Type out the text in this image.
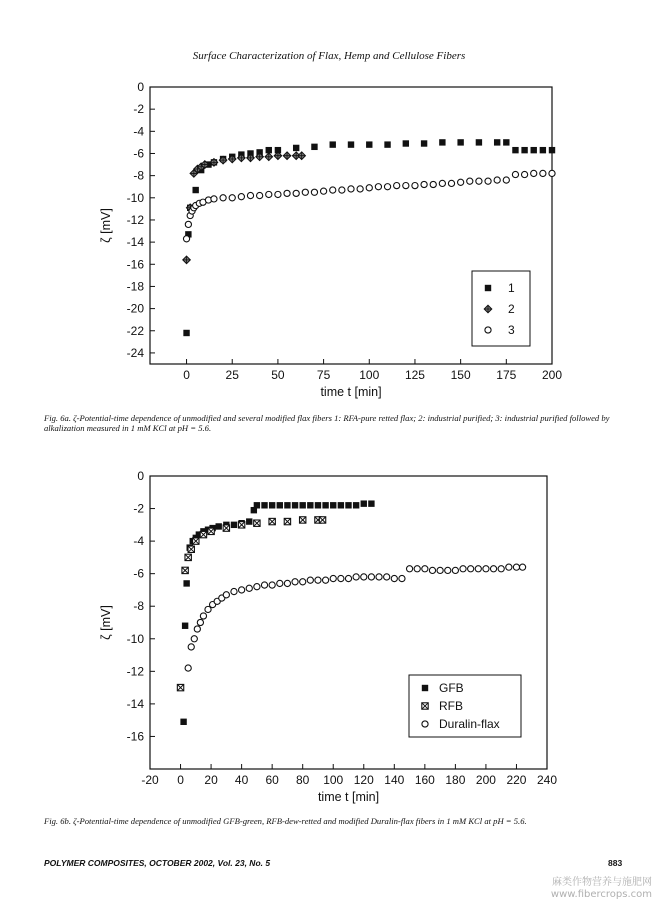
Surface Characterization of Flax, Hemp and Cellulose Fibers
0	25	50	75 100 125 150 175 200
0
-2
-4
-6
-8
-10
-12
-14
-16
-18
-20
-22
-24
time t [min]
ζ [mV]
1
2
3
Fig. 6a. ζ-Potential-time dependence of unmodified and several modified flax fibers 1: RFA-pure retted flax; 2: industrial purified; 3: industrial purified followed by alkalization measured in 1 mM KCl at pH = 5.6.
-20 0 20 40 60 80 100 120 140 160 180 200 220 240
0
-2
-4
-6
-8
-10
-12
-14
-16
time t [min]
ζ [mV]
GFB
RFB
Duralin-flax
Fig. 6b. ζ-Potential-time dependence of unmodified GFB-green, RFB-dew-retted and modified Duralin-flax fibers in 1 mM KCl at pH = 5.6.
POLYMER COMPOSITES, OCTOBER 2002, Vol. 23, No. 5	883
麻类作物营养与施肥网
www.fibercrops.com
